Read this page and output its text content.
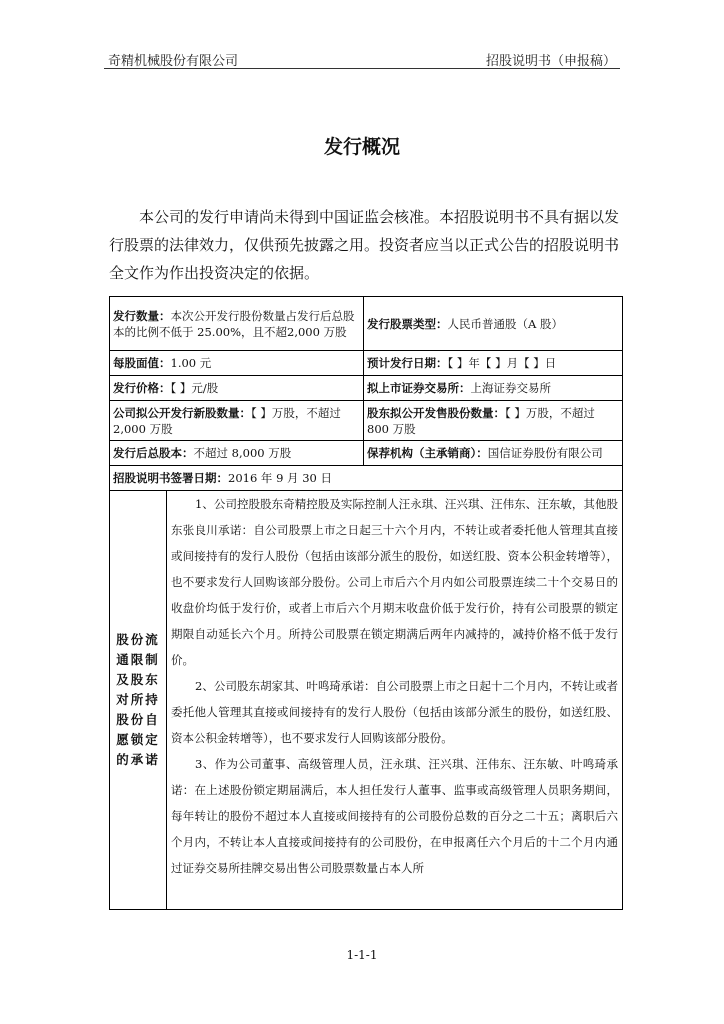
奇精机械股份有限公司	招股说明书（申报稿）
发行概况
本公司的发行申请尚未得到中国证监会核准。本招股说明书不具有据以发行股票的法律效力，仅供预先披露之用。投资者应当以正式公告的招股说明书全文作为作出投资决定的依据。
发行数量：本次公开发行股份数量占发行后总股本的比例不低于 25.00%，且不超2,000 万股		发行股票类型：人民币普通股（A 股）
每股面值：1.00 元		预计发行日期：【 】年【 】月【 】日
发行价格：【 】元/股		拟上市证券交易所：上海证券交易所
公司拟公开发行新股数量：【 】万股，不超过 2,000 万股		股东拟公开发售股份数量：【 】万股，不超过 800 万股
发行后总股本：不超过 8,000 万股		保荐机构（主承销商）：国信证券股份有限公司
招股说明书签署日期：2016 年 9 月 30 日		
股份流通限制及股东对所持股份自愿锁定的承诺	1、公司控股股东奇精控股及实际控制人汪永琪、汪兴琪、汪伟东、汪东敏，其他股东张良川承诺：自公司股票上市之日起三十六个月内，不转让或者委托他人管理其直接或间接持有的发行人股份（包括由该部分派生的股份，如送红股、资本公积金转增等），也不要求发行人回购该部分股份。公司上市后六个月内如公司股票连续二十个交易日的收盘价均低于发行价，或者上市后六个月期末收盘价低于发行价，持有公司股票的锁定期限自动延长六个月。所持公司股票在锁定期满后两年内减持的，减持价格不低于发行价。

2、公司股东胡家其、叶鸣琦承诺：自公司股票上市之日起十二个月内，不转让或者委托他人管理其直接或间接持有的发行人股份（包括由该部分派生的股份，如送红股、资本公积金转增等），也不要求发行人回购该部分股份。

3、作为公司董事、高级管理人员，汪永琪、汪兴琪、汪伟东、汪东敏、叶鸣琦承诺：在上述股份锁定期届满后，本人担任发行人董事、监事或高级管理人员职务期间，每年转让的股份不超过本人直接或间接持有的公司股份总数的百分之二十五；离职后六个月内，不转让本人直接或间接持有的公司股份，在申报离任六个月后的十二个月内通过证券交易所挂牌交易出售公司股票数量占本人所	

1-1-1
